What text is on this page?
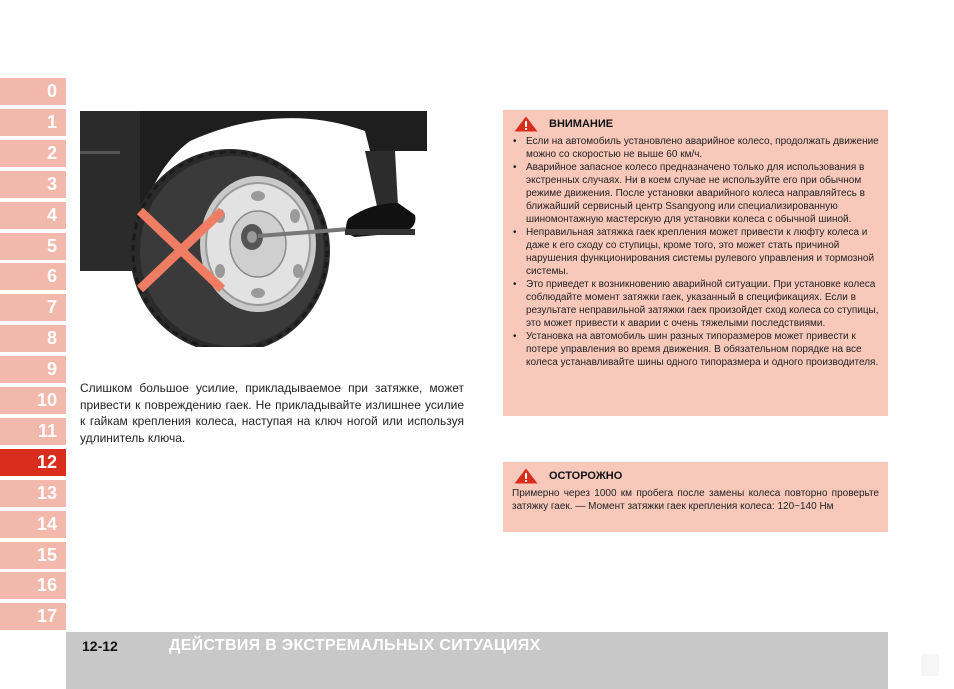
0
1
2
3
4
5
6
7
8
9
10
11
12
13
14
15
16
17
Слишком большое усилие, прикладываемое при затяжке, может привести к повреждению гаек. Не прикладывайте излишнее усилие к гайкам крепления колеса, наступая на ключ ногой или используя удлинитель ключа.
ВНИМАНИЕ
• Если на автомобиль установлено аварийное колесо, продолжать движение можно со скоростью не выше 60 км/ч.
• Аварийное запасное колесо предназначено только для использования в экстренных случаях. Ни в коем случае не используйте его при обычном режиме движения. После установки аварийного колеса направляйтесь в ближайший сервисный центр Ssangyong или специализированную шиномонтажную мастерскую для установки колеса с обычной шиной.
• Неправильная затяжка гаек крепления может привести к люфту колеса и даже к его сходу со ступицы, кроме того, это может стать причиной нарушения функционирования системы рулевого управления и тормозной системы.
• Это приведет к возникновению аварийной ситуации. При установке колеса соблюдайте момент затяжки гаек, указанный в спецификациях. Если в результате неправильной затяжки гаек произойдет сход колеса со ступицы, это может привести к аварии с очень тяжелыми последствиями.
• Установка на автомобиль шин разных типоразмеров может привести к потере управления во время движения. В обязательном порядке на все колеса устанавливайте шины одного типоразмера и одного производителя.
ОСТОРОЖНО

Примерно через 1000 км пробега после замены колеса повторно проверьте затяжку гаек. — Момент затяжки гаек крепления колеса: 120~140 Нм

12-12	ДЕЙСТВИЯ В ЭКСТРЕМАЛЬНЫХ СИТУАЦИЯХ
